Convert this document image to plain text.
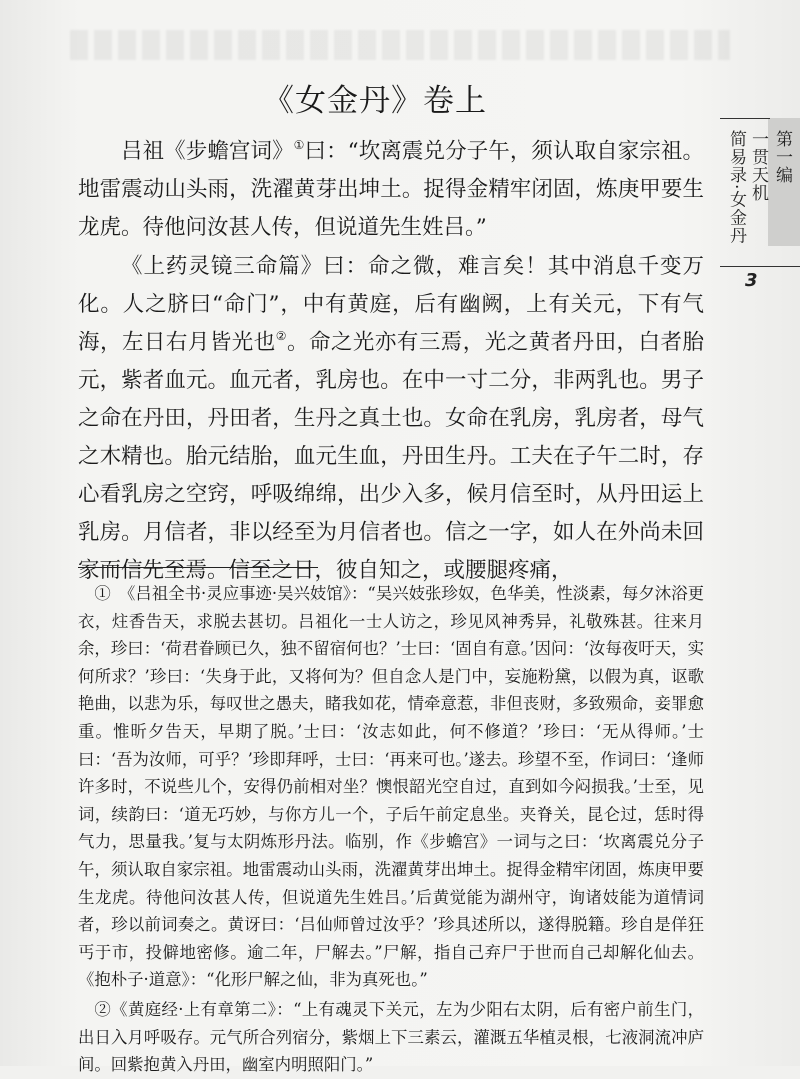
《女金丹》卷上

吕祖《步蟾宫词》①曰：“坎离震兑分子午，须认取自家宗祖。地雷震动山头雨，洗濯黄芽出坤土。捉得金精牢闭固，炼庚甲要生龙虎。待他问汝甚人传，但说道先生姓吕。”

《上药灵镜三命篇》曰：命之微，难言矣！其中消息千变万化。人之脐曰“命门”，中有黄庭，后有幽阙，上有关元，下有气海，左日右月皆光也②。命之光亦有三焉，光之黄者丹田，白者胎元，紫者血元。血元者，乳房也。在中一寸二分，非两乳也。男子之命在丹田，丹田者，生丹之真土也。女命在乳房，乳房者，母气之木精也。胎元结胎，血元生血，丹田生丹。工夫在子午二时，存心看乳房之空窍，呼吸绵绵，出少入多，候月信至时，从丹田运上乳房。月信者，非以经至为月信者也。信之一字，如人在外尚未回家而信先至焉。信至之日，彼自知之，或腰腿疼痛，

①　《吕祖全书·灵应事迹·吴兴妓馆》：“吴兴妓张珍奴，色华美，性淡素，每夕沐浴更衣，炷香告天，求脱去甚切。吕祖化一士人访之，珍见风神秀异，礼敬殊甚。往来月余，珍曰：‘荷君眷顾已久，独不留宿何也？’士曰：‘固自有意。’因问：‘汝每夜吁天，实何所求？’珍曰：‘失身于此，又将何为？但自念人是门中，妄施粉黛，以假为真，讴歌艳曲，以悲为乐，每叹世之愚夫，睹我如花，情牵意惹，非但丧财，多致殒命，妾罪愈重。惟昕夕告天，早期了脱。’士曰：‘汝志如此，何不修道？’珍曰：‘无从得师。’士曰：‘吾为汝师，可乎？’珍即拜呼，士曰：‘再来可也。’遂去。珍望不至，作词曰：‘逢师许多时，不说些儿个，安得仍前相对坐？懊恨韶光空自过，直到如今闷损我。’士至，见词，续韵曰：‘道无巧妙，与你方儿一个，子后午前定息坐。夹脊关，昆仑过，恁时得气力，思量我。’复与太阴炼形丹法。临别，作《步蟾宫》一词与之曰：‘坎离震兑分子午，须认取自家宗祖。地雷震动山头雨，洗濯黄芽出坤土。捉得金精牢闭固，炼庚甲要生龙虎。待他问汝甚人传，但说道先生姓吕。’后黄觉能为湖州守，询诸妓能为道情词者，珍以前词奏之。黄讶曰：‘吕仙师曾过汝乎？’珍具述所以，遂得脱籍。珍自是佯狂丐于市，投僻地密修。逾二年，尸解去。”尸解，指自己弃尸于世而自己却解化仙去。《抱朴子·道意》：“化形尸解之仙，非为真死也。”

②《黄庭经·上有章第二》：“上有魂灵下关元，左为少阳右太阴，后有密户前生门，出日入月呼吸存。元气所合列宿分，紫烟上下三素云，灌溉五华植灵根，七液洞流冲庐间。回紫抱黄入丹田，幽室内明照阳门。”

第一编
一贯天机
简易录·女金丹
3
